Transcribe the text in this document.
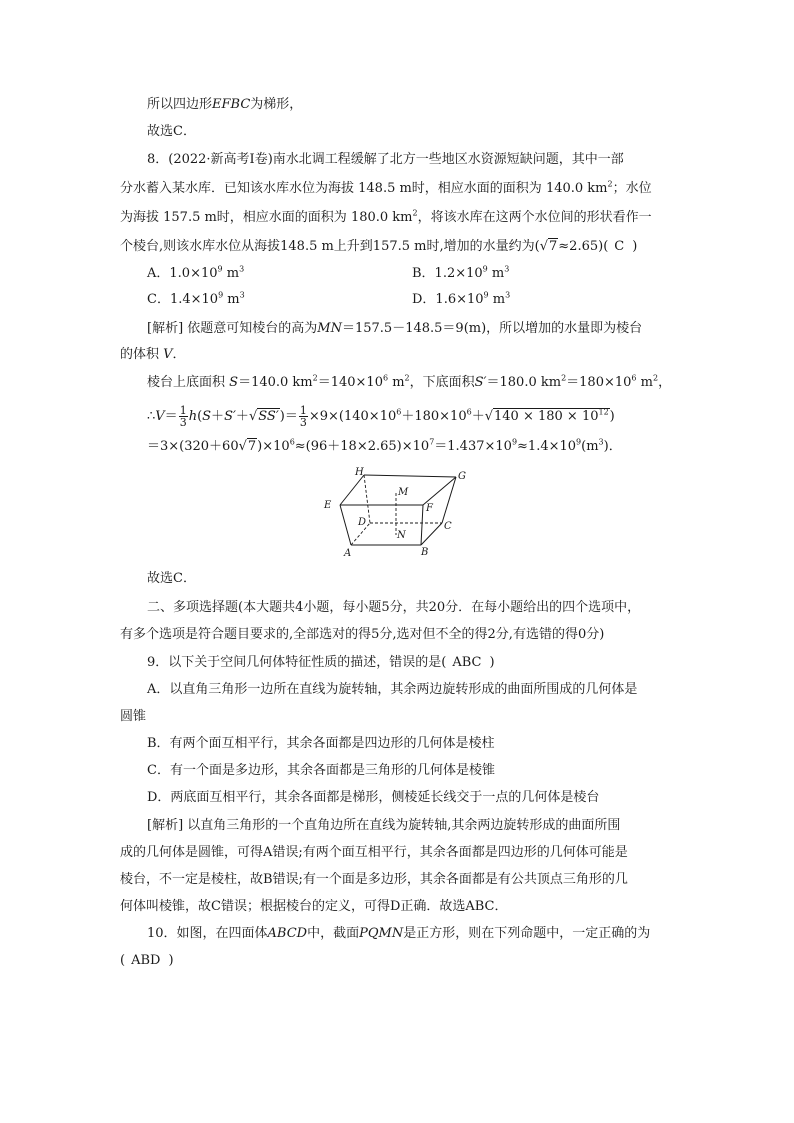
所以四边形EFBC为梯形，
故选C．
8．(2022·新高考Ⅰ卷)南水北调工程缓解了北方一些地区水资源短缺问题，其中一部
分水蓄入某水库．已知该水库水位为海拔 148.5 m时，相应水面的面积为 140.0 $km^2$；水位
为海拔 157.5 m时，相应水面的面积为 180.0 $km^2$，将该水库在这两个水位间的形状看作一
个棱台,则该水库水位从海拔148.5 m上升到157.5 m时,增加的水量约为(√7≈2.65)( C )
A．$1.0\times 10^9$ $m^3$	B．$1.2\times 10^9$ $m^3$
C．$1.4\times 10^9$ $m^3$	D．$1.6\times 10^9$ $m^3$
[解析] 依题意可知棱台的高为MN＝157.5－148.5＝9(m)，所以增加的水量即为棱台
的体积 V．
棱台上底面积 S＝140.0 $km^2=140\times 10^6$ $m^2$，下底面积S′＝180.0 $km^2=180\times 10^6$ $m^2$，
∴V＝ $\frac{1}{3} h(S+S'+√SS')= \frac{1}{3} \times 9\times(140\times 10^6+180\times 10^6+√140 \times 180 \times 10^{12})$
$=3\times(320+60√7)\times 10^6\approx(96+18\times 2.65)\times 10^7=1.437\times 10^9\approx 1.4\times 10^9(m^3)$．
H	G
M
E	F
D	C
N
A	B
故选C．
二、多项选择题(本大题共4小题，每小题5分，共20分．在每小题给出的四个选项中，
有多个选项是符合题目要求的,全部选对的得5分,选对但不全的得2分,有选错的得0分)
9．以下关于空间几何体特征性质的描述，错误的是( ABC )
A．以直角三角形一边所在直线为旋转轴，其余两边旋转形成的曲面所围成的几何体是
圆锥
B．有两个面互相平行，其余各面都是四边形的几何体是棱柱
C．有一个面是多边形，其余各面都是三角形的几何体是棱锥
D．两底面互相平行，其余各面都是梯形，侧棱延长线交于一点的几何体是棱台
[解析] 以直角三角形的一个直角边所在直线为旋转轴,其余两边旋转形成的曲面所围
成的几何体是圆锥，可得A错误;有两个面互相平行，其余各面都是四边形的几何体可能是
棱台，不一定是棱柱，故B错误;有一个面是多边形，其余各面都是有公共顶点三角形的几
何体叫棱锥，故C错误；根据棱台的定义，可得D正确．故选ABC．
10．如图，在四面体ABCD中，截面PQMN是正方形，则在下列命题中，一定正确的为
( ABD )
